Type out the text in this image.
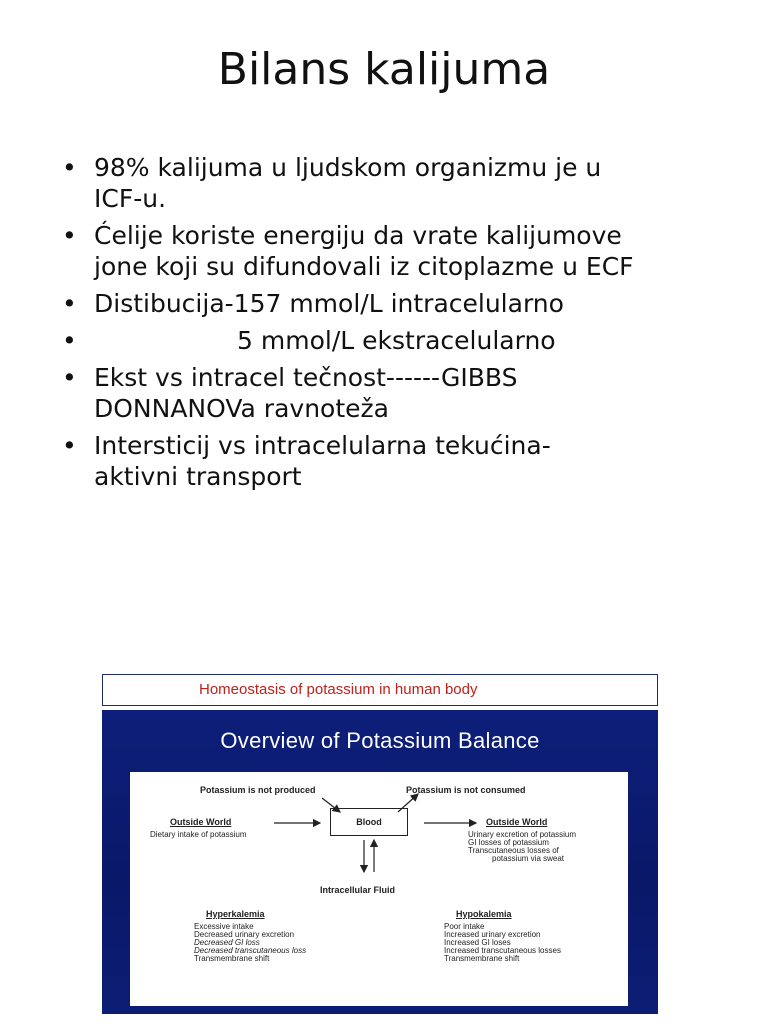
Bilans kalijuma
• 98% kalijuma u ljudskom organizmu je u
ICF-u.
• Ćelije koriste energiju da vrate kalijumove
jone koji su difundovali iz citoplazme u ECF
• Distibucija-157 mmol/L intracelularno
• 5 mmol/L ekstracelularno
• Ekst vs intracel tečnost------GIBBS
DONNANOVa ravnoteža
• Intersticij vs intracelularna tekućina-
aktivni transport
Homeostasis of potassium in human body
Overview of Potassium Balance
Potassium is not produced	Potassium is not consumed
Outside World
Dietary intake of potassium
Blood	Outside World
Urinary excretion of potassium
GI losses of potassium
Transcutaneous losses of
potassium via sweat
Intracellular Fluid
Hyperkalemia
Excessive intake
Decreased urinary excretion
Decreased GI loss
Decreased transcutaneous loss
Transmembrane shift
Hypokalemia
Poor intake
Increased urinary excretion
Increased GI loses
Increased transcutaneous losses
Transmembrane shift
